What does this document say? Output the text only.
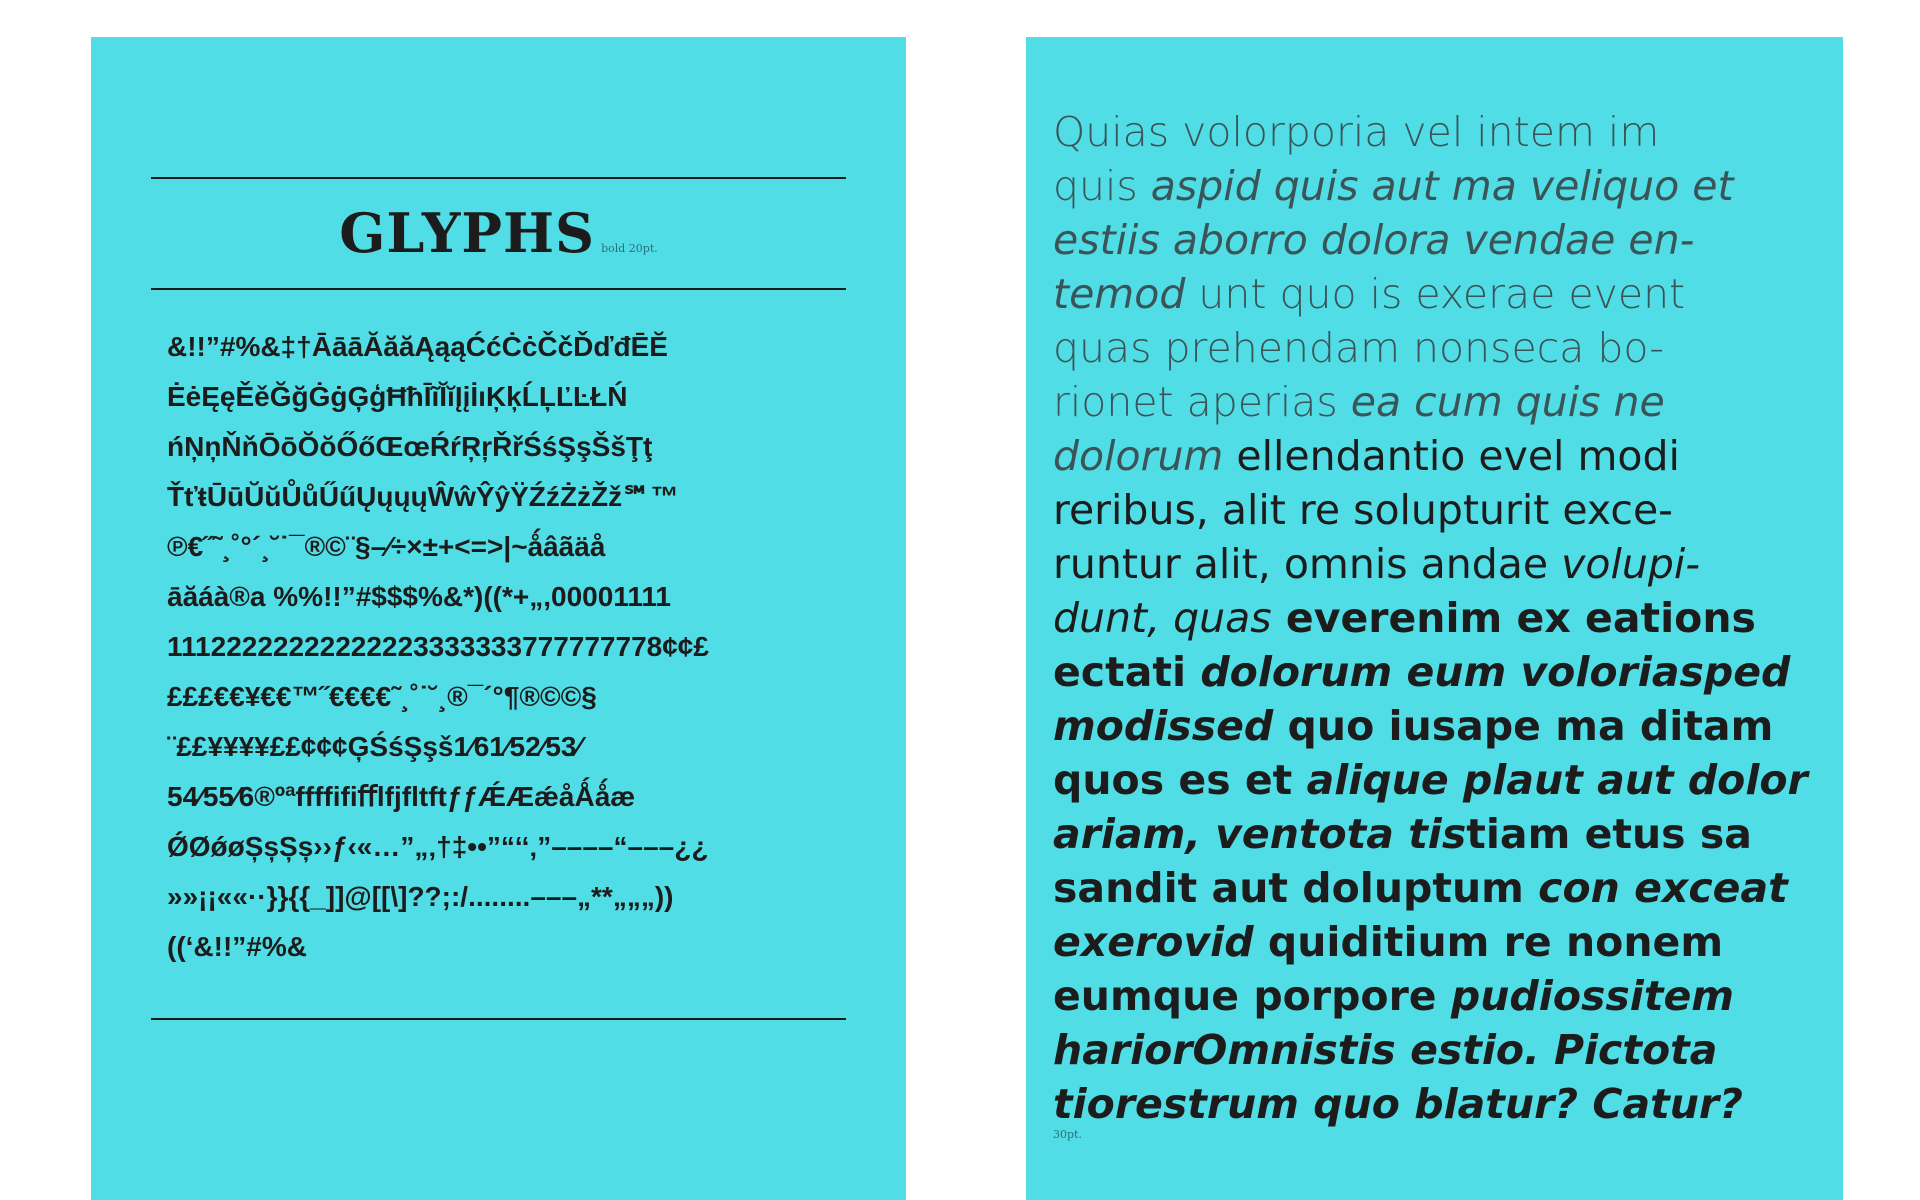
GLYPHS bold 20pt.
&!!”#%&‡†ĀāāĂăăĄąąĆćĊċČčĎďđĒĔ
ĖėĘęĚěĞğĠġĢģĦħĪĩĬĭĮįİıĶķĹĻĽĿŁŃ
ńŅņŇňŌōŎŏŐőŒœŔŕŖŗŘřŚśŞşŠšŢţ
ŤťŧŪūŬŭŮůŰűŲųųųŴŵŶŷŸŹźŻżŽž℠™
℗€˝˜¸˚°´¸˘˙¯®©¨§–⁄÷×±+<=>|~ǻâãäå
āăáà®a %%!!”#$$$%&*)((*+„,00001111
11122222222222223333333777777778¢¢£
£££€€¥€€™˝€€€€˜¸˚˙˘¸®¯´°¶®©©§
¨££¥¥¥¥££¢¢¢ĢŚśŞşš1⁄61⁄52⁄53⁄
54⁄55⁄6®ºªffffifiﬀlfjfltftƒƒǼÆǽåǺǻæ
ǾØǿøȘșȘș››ƒ‹«…”„‚†‡••”“‘‘‚”––––“–––¿¿
»»¡¡««··}}{{_]]@[[\]??;:/........–––„**„„„))
((‘&!!”#%&
Quias volorporia vel intem im
quis aspid quis aut ma veliquo et
estiis aborro dolora vendae en-
temod unt quo is exerae event
quas prehendam nonseca bo-
rionet aperias ea cum quis ne
dolorum ellendantio evel modi
reribus, alit re solupturit exce-
runtur alit, omnis andae volupi-
dunt, quas everenim ex eations
ectati dolorum eum voloriasped
modissed quo iusape ma ditam
quos es et alique plaut aut dolor
ariam, ventota tistiam etus sa
sandit aut doluptum con exceat
exerovid quiditium re nonem
eumque porpore pudiossitem
hariorOmnistis estio. Pictota
tiorestrum quo blatur? Catur?
30pt.
